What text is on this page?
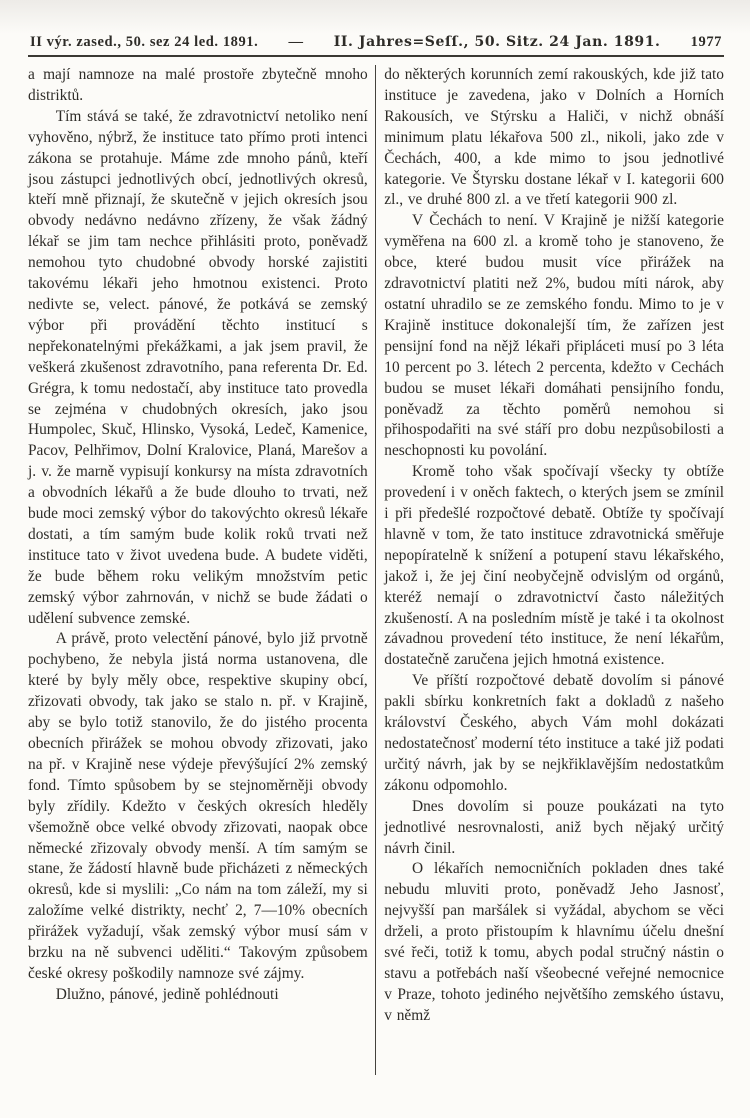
II výr. zased., 50. sez 24 led. 1891. — II. Jahres=Seſſ., 50. Sitz. 24 Jan. 1891. 1977

a mají namnoze na malé prostoře zbytečně mnoho distriktů.

Tím stává se také, že zdravotnictví netoliko není vyhověno, nýbrž, že instituce tato přímo proti intenci zákona se protahuje. Máme zde mnoho pánů, kteří jsou zástupci jednotlivých obcí, jednotlivých okresů, kteří mně přiznají, že skutečně v jejich okresích jsou obvody nedávno nedávno zřízeny, že však žádný lékař se jim tam nechce přihlásiti proto, poněvadž nemohou tyto chudobné obvody horské zajistiti takovému lékaři jeho hmotnou existenci. Proto nedivte se, velect. pánové, že potkává se zemský výbor při provádění těchto institucí s nepřekonatelnými překážkami, a jak jsem pravil, že veškerá zkušenost zdravotního, pana referenta Dr. Ed. Grégra, k tomu nedostačí, aby instituce tato provedla se zejména v chudobných okresích, jako jsou Humpolec, Skuč, Hlinsko, Vysoká, Ledeč, Kamenice, Pacov, Pelhřimov, Dolní Kralovice, Planá, Marešov a j. v. že marně vypisují konkursy na místa zdravotních a obvodních lékařů a že bude dlouho to trvati, než bude moci zemský výbor do takovýchto okresů lékaře dostati, a tím samým bude kolik roků trvati než instituce tato v život uvedena bude. A budete viděti, že bude během roku velikým množstvím petic zemský výbor zahrnován, v nichž se bude žádati o udělení subvence zemské.

A právě, proto velectění pánové, bylo již prvotně pochybeno, že nebyla jistá norma ustanovena, dle které by byly měly obce, respektive skupiny obcí, zřizovati obvody, tak jako se stalo n. př. v Krajině, aby se bylo totiž stanovilo, že do jistého procenta obecních přirážek se mohou obvody zřizovati, jako na př. v Krajině nese výdeje převýšující 2% zemský fond. Tímto spůsobem by se stejnoměrněji obvody byly zřídily. Kdežto v českých okresích hleděly všemožně obce velké obvody zřizovati, naopak obce německé zřizovaly obvody menší. A tím samým se stane, že žádostí hlavně bude přicházeti z německých okresů, kde si myslili: „Co nám na tom záleží, my si založíme velké distrikty, nechť 2, 7—10% obecních přirážek vyžadují, však zemský výbor musí sám v brzku na ně subvenci uděliti.“ Takovým způsobem české okresy poškodily namnoze své zájmy.

Dlužno, pánové, jedině pohlédnouti

do některých korunních zemí rakouských, kde již tato instituce je zavedena, jako v Dolních a Horních Rakousích, ve Stýrsku a Haliči, v nichž obnáší minimum platu lékařova 500 zl., nikoli, jako zde v Čechách, 400, a kde mimo to jsou jednotlivé kategorie. Ve Štyrsku dostane lékař v I. kategorii 600 zl., ve druhé 800 zl. a ve třetí kategorii 900 zl.

V Čechách to není. V Krajině je nižší kategorie vyměřena na 600 zl. a kromě toho je stanoveno, že obce, které budou musit více přirážek na zdravotnictví platiti než 2%, budou míti nárok, aby ostatní uhradilo se ze zemského fondu. Mimo to je v Krajině instituce dokonalejší tím, že zařízen jest pensijní fond na nějž lékaři připláceti musí po 3 léta 10 percent po 3. létech 2 percenta, kdežto v Cechách budou se muset lékaři domáhati pensijního fondu, poněvadž za těchto poměrů nemohou si přihospodařiti na své stáří pro dobu nezpůsobilosti a neschopnosti ku povolání.

Kromě toho však spočívají všecky ty obtíže provedení i v oněch faktech, o kterých jsem se zmínil i při předešlé rozpočtové debatě. Obtíže ty spočívají hlavně v tom, že tato instituce zdravotnická směřuje nepopíratelně k snížení a potupení stavu lékařského, jakož i, že jej činí neobyčejně odvislým od orgánů, kteréž nemají o zdravotnictví často náležitých zkušeností. A na posledním místě je také i ta okolnost závadnou provedení této instituce, že není lékařům, dostatečně zaručena jejich hmotná existence.

Ve příští rozpočtové debatě dovolím si pánové pakli sbírku konkretních fakt a dokladů z našeho království Českého, abych Vám mohl dokázati nedostatečnosť moderní této instituce a také již podati určitý návrh, jak by se nejkřiklavějším nedostatkům zákonu odpomohlo.

Dnes dovolím si pouze poukázati na tyto jednotlivé nesrovnalosti, aniž bych nějaký určitý návrh činil.

O lékařích nemocničních pokladen dnes také nebudu mluviti proto, poněvadž Jeho Jasnosť, nejvyšší pan maršálek si vyžádal, abychom se věci drželi, a proto přistoupím k hlavnímu účelu dnešní své řeči, totiž k tomu, abych podal stručný nástin o stavu a potřebách naší všeobecné veřejné nemocnice v Praze, tohoto jediného největšího zemského ústavu, v němž
